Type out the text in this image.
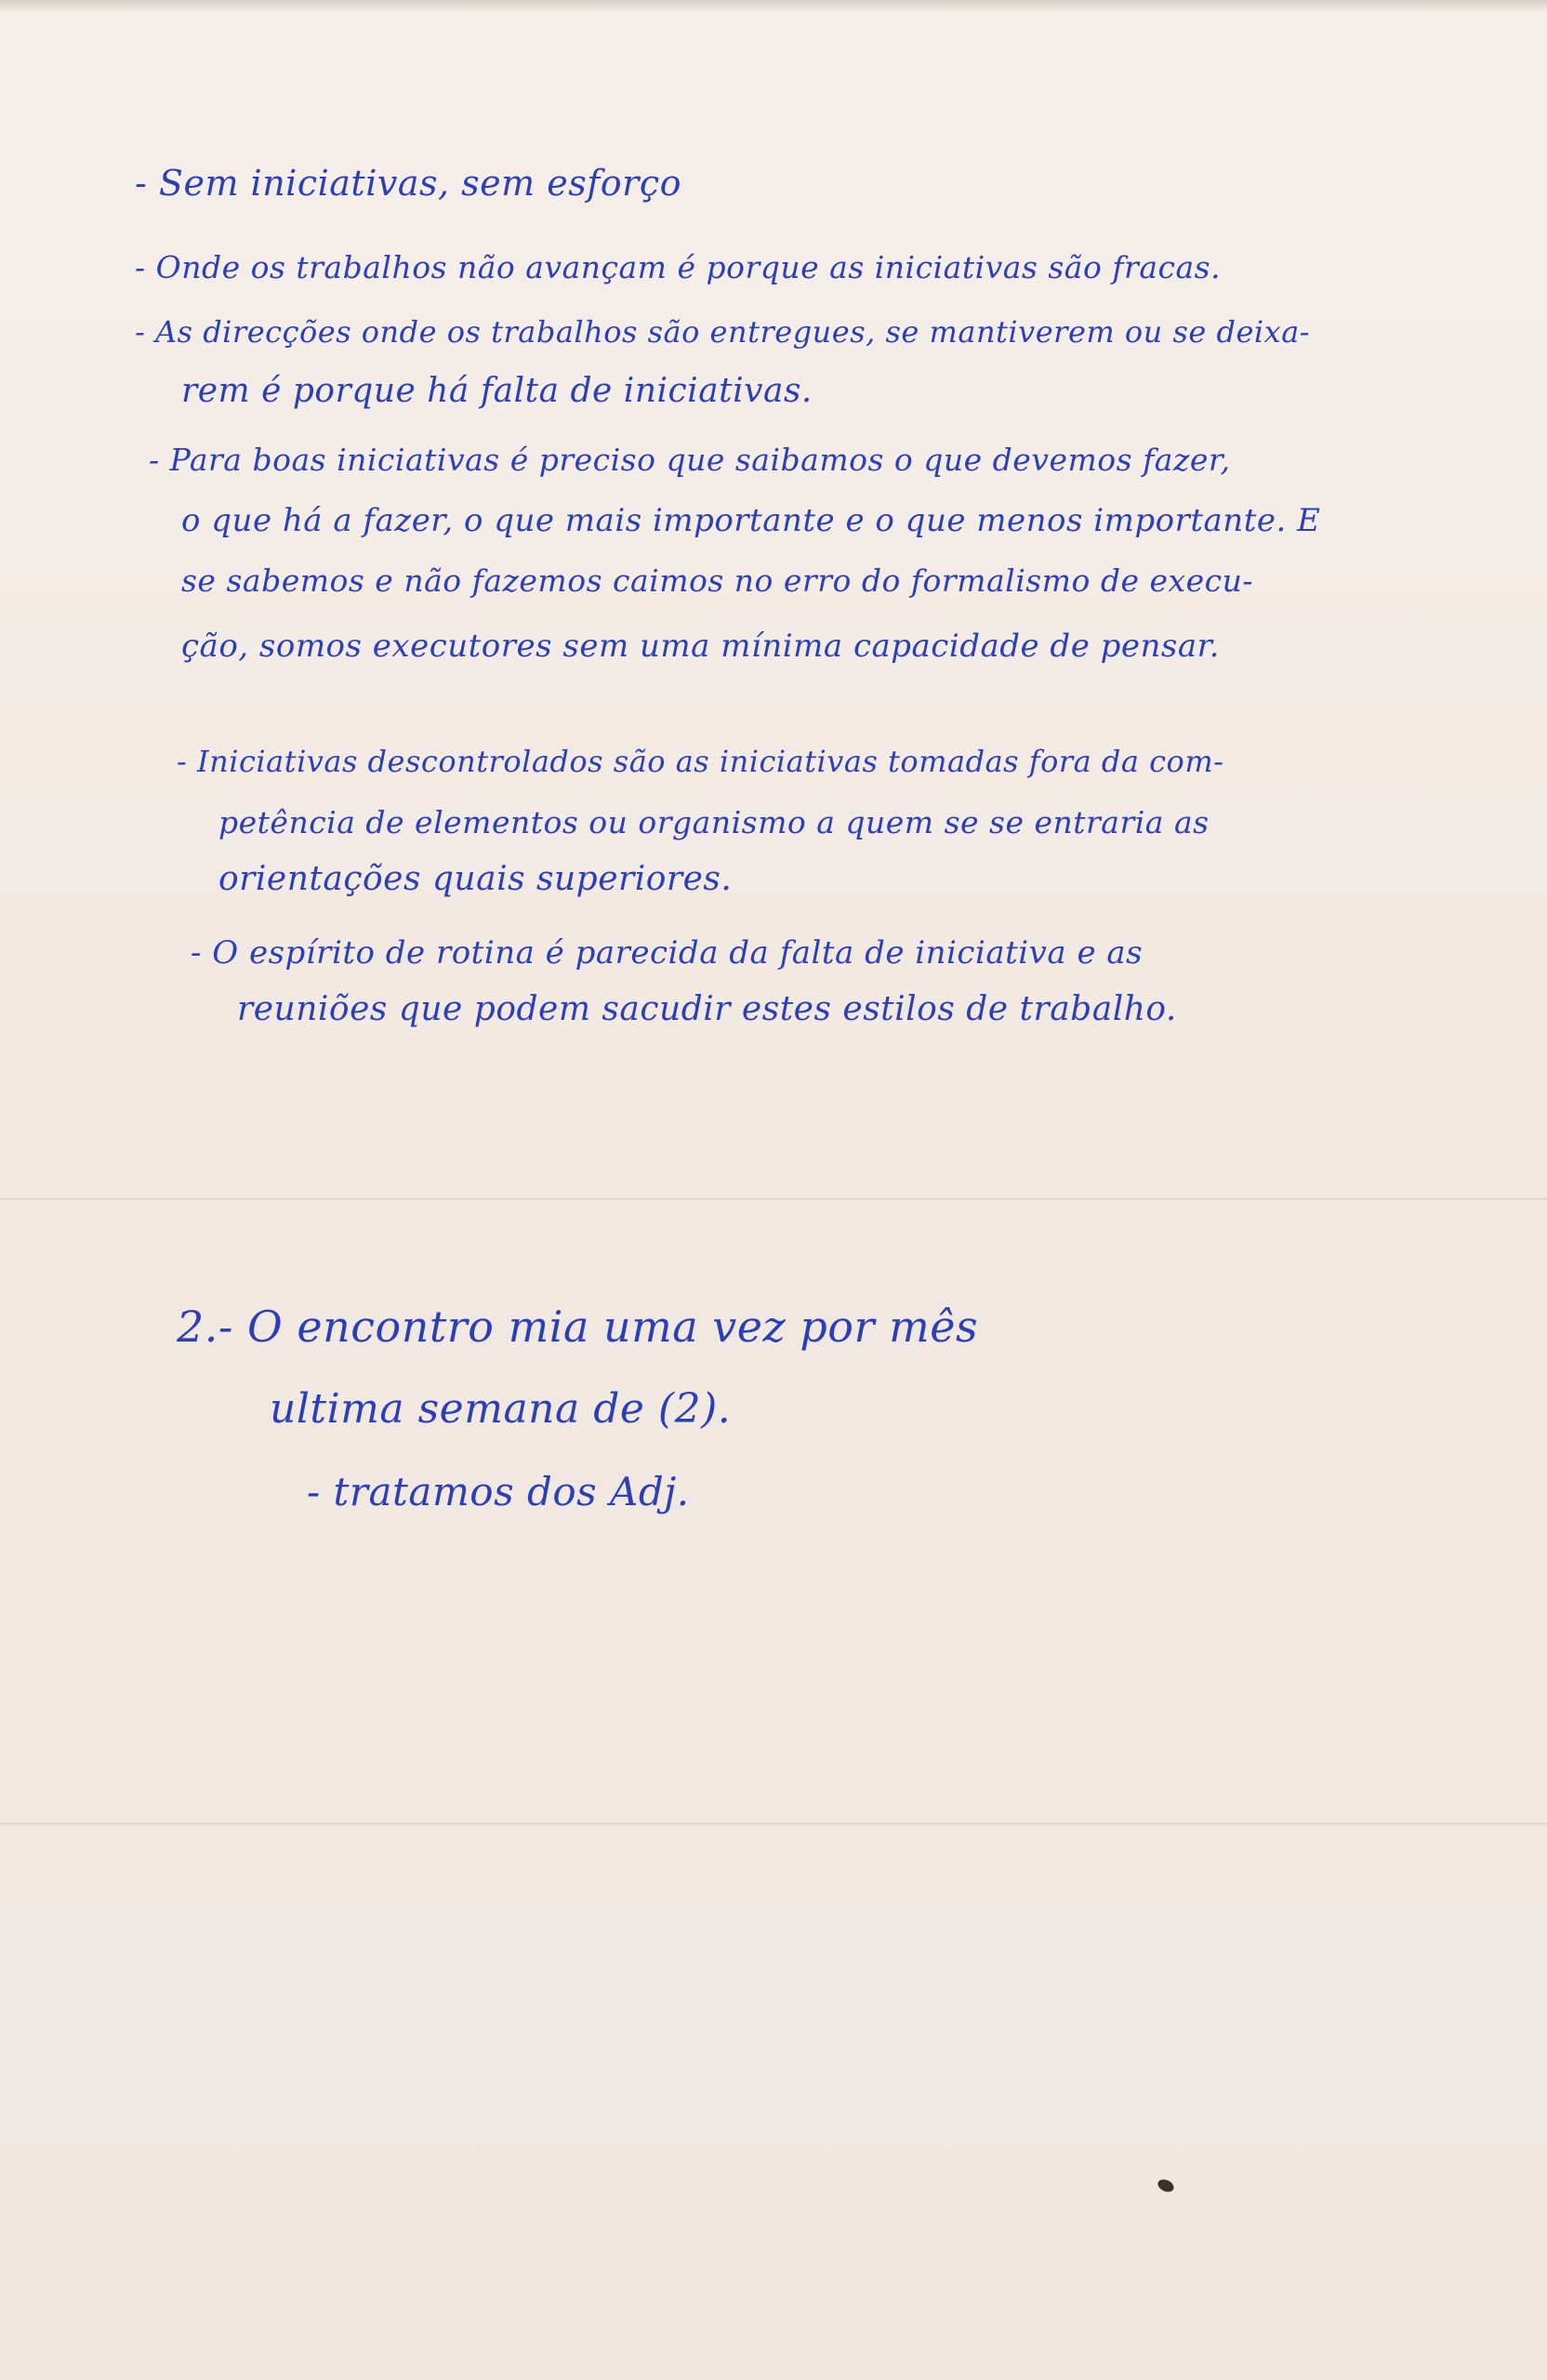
- Sem iniciativas, sem esforço
- Onde os trabalhos não avançam é porque as iniciativas são fracas.
- As direcções onde os trabalhos são entregues, se mantiverem ou se deixa-
rem é porque há falta de iniciativas.
- Para boas iniciativas é preciso que saibamos o que devemos fazer,
o que há a fazer, o que mais importante e o que menos importante. E
se sabemos e não fazemos caimos no erro do formalismo de execu-
ção, somos executores sem uma mínima capacidade de pensar.
- Iniciativas descontrolados são as iniciativas tomadas fora da com-
petência de elementos ou organismo a quem se se entraria as
orientações quais superiores.
- O espírito de rotina é parecida da falta de iniciativa e as
reuniões que podem sacudir estes estilos de trabalho.
2.- O encontro mia uma vez por mês
ultima semana de (2).
- tratamos dos Adj.
